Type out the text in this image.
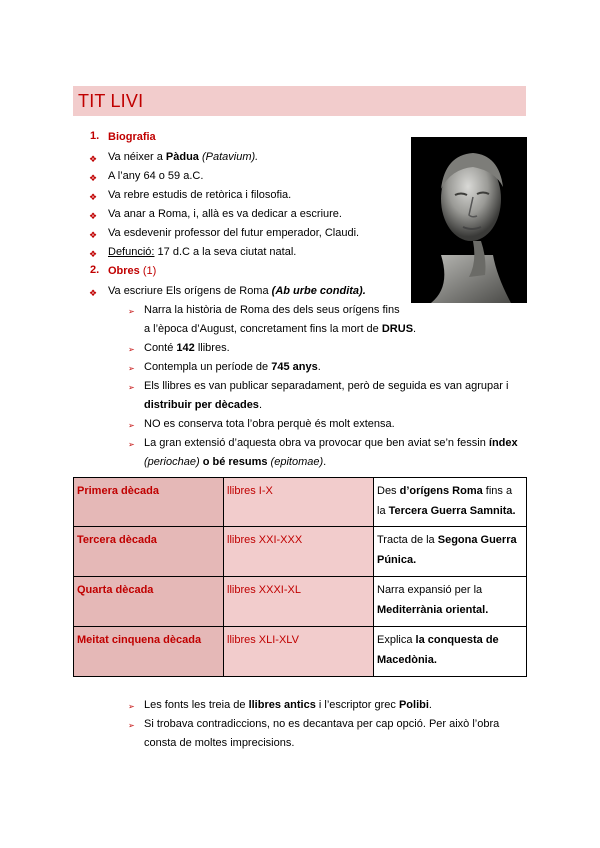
TIT LIVI
1. Biografia
❖ Va néixer a Pàdua (Patavium).
❖ A l’any 64 o 59 a.C.
❖ Va rebre estudis de retòrica i filosofia.
❖ Va anar a Roma, i, allà es va dedicar a escriure.
❖ Va esdevenir professor del futur emperador, Claudi.
❖ Defunció: 17 d.C a la seva ciutat natal.
2. Obres (1)
❖ Va escriure Els orígens de Roma (Ab urbe condita).
➢ Narra la història de Roma des dels seus orígens fins
a l’època d’August, concretament fins la mort de DRUS.
➢ Conté 142 llibres.
➢ Contempla un període de 745 anys.
➢ Els llibres es van publicar separadament, però de seguida es van agrupar i
distribuir per dècades.
➢ NO es conserva tota l’obra perquè és molt extensa.
➢ La gran extensió d’aquesta obra va provocar que ben aviat se’n fessin índex
(periochae) o bé resums (epitomae).
Primera dècada	llibres I-X	Des d’orígens Roma fins a la Tercera Guerra Samnita.
Tercera dècada	llibres XXI-XXX	Tracta de la Segona Guerra Púnica.
Quarta dècada	llibres XXXI-XL	Narra expansió per la Mediterrània oriental.
Meitat cinquena dècada	llibres XLI-XLV	Explica la conquesta de Macedònia.
➢ Les fonts les treia de llibres antics i l’escriptor grec Polibi.
➢ Si trobava contradiccions, no es decantava per cap opció. Per això l’obra
consta de moltes imprecisions.
